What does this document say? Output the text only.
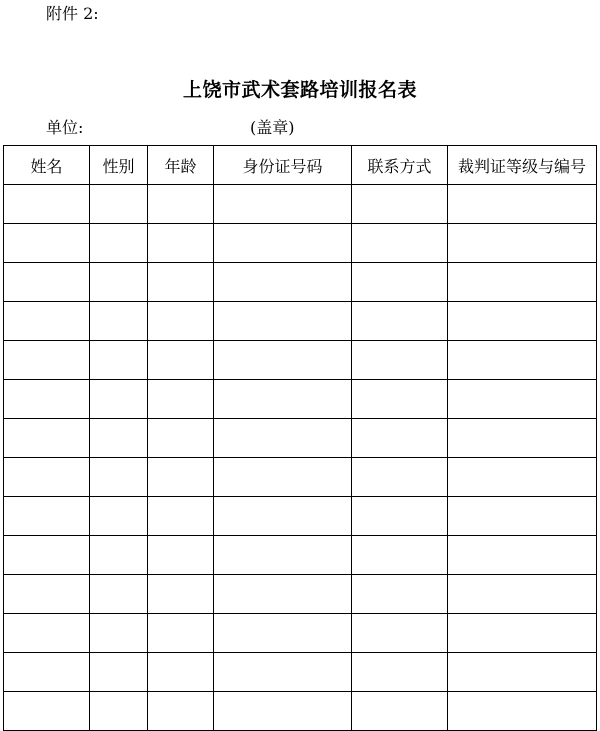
附件 2:
上饶市武术套路培训报名表
单位:	(盖章)
姓名	性别	年龄	身份证号码	联系方式	裁判证等级与编号
